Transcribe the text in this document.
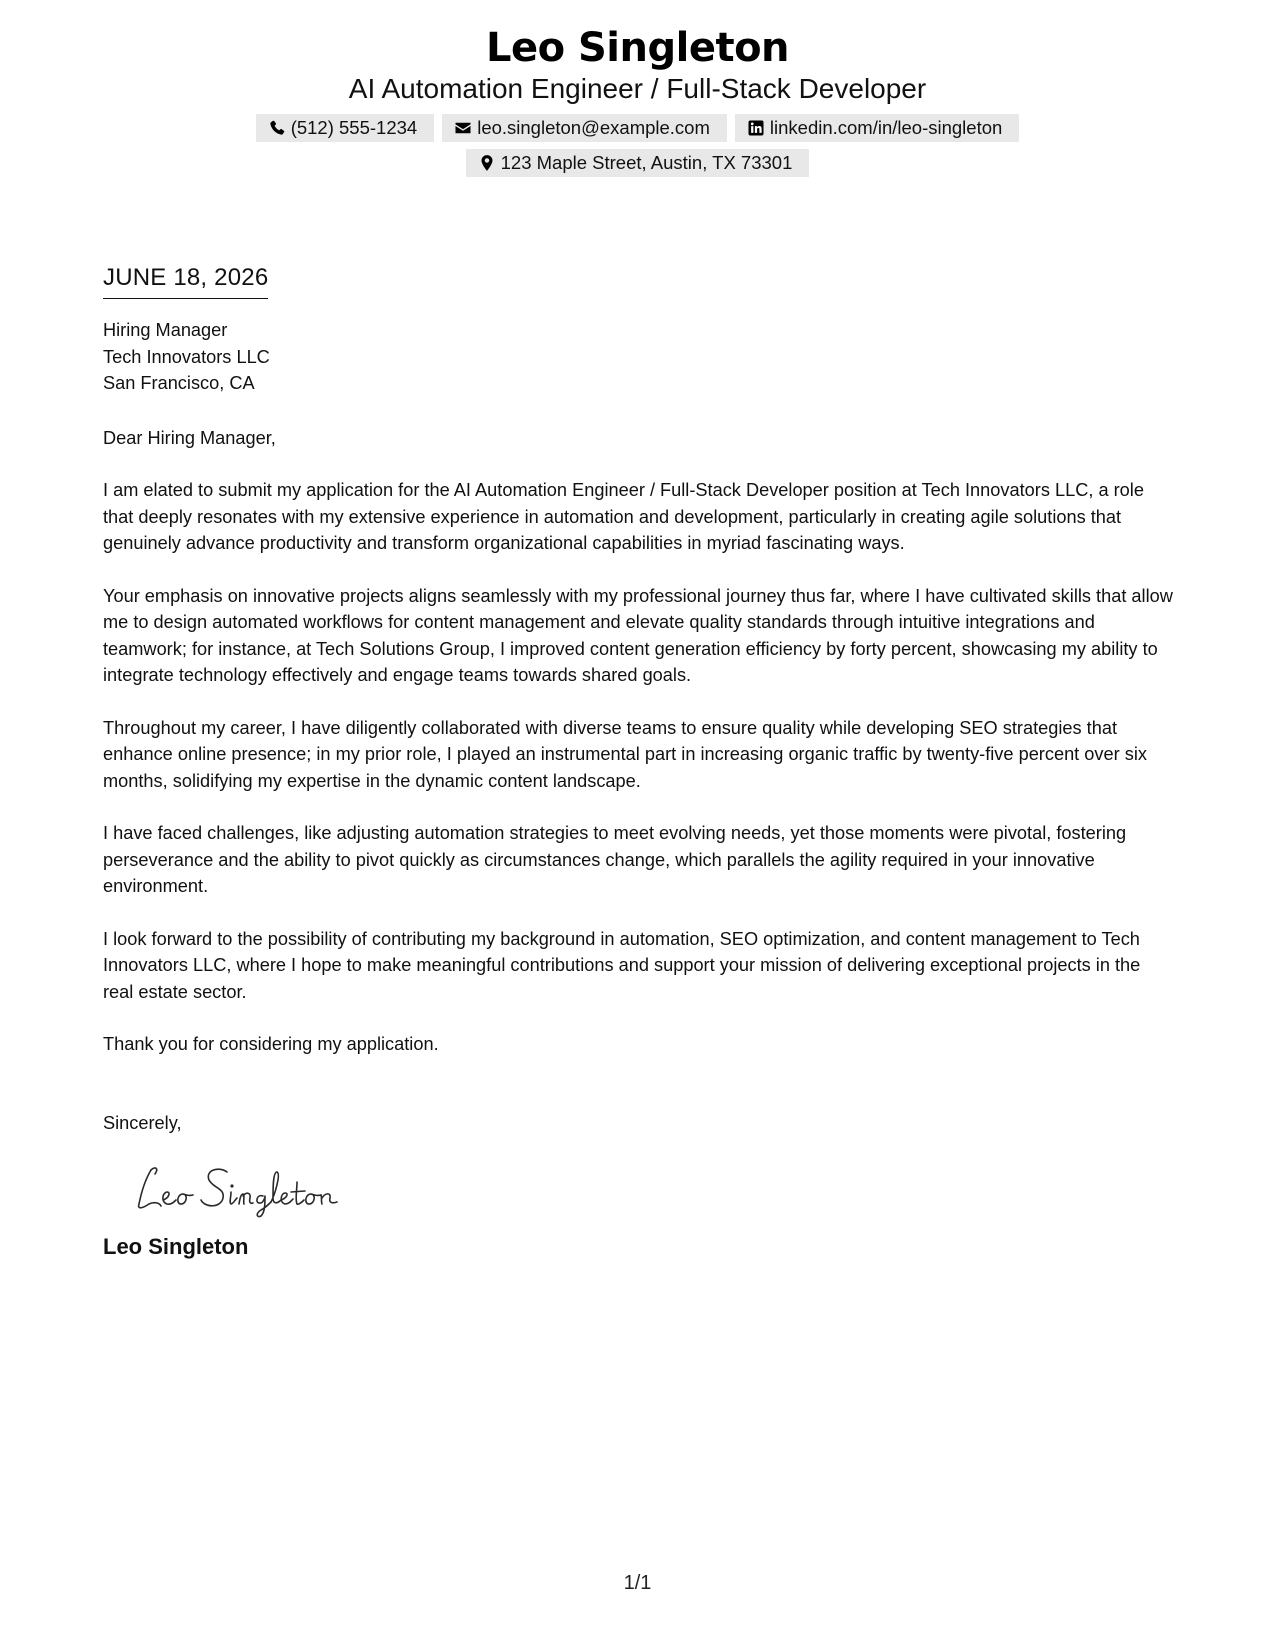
Leo Singleton
AI Automation Engineer / Full-Stack Developer
(512) 555-1234	leo.singleton@example.com	linkedin.com/in/leo-singleton
123 Maple Street, Austin, TX 73301
JUNE 18, 2026
Hiring Manager
Tech Innovators LLC
San Francisco, CA
Dear Hiring Manager,

I am elated to submit my application for the AI Automation Engineer / Full-Stack Developer position at Tech Innovators LLC, a role that deeply resonates with my extensive experience in automation and development, particularly in creating agile solutions that genuinely advance productivity and transform organizational capabilities in myriad fascinating ways.

Your emphasis on innovative projects aligns seamlessly with my professional journey thus far, where I have cultivated skills that allow me to design automated workflows for content management and elevate quality standards through intuitive integrations and teamwork; for instance, at Tech Solutions Group, I improved content generation efficiency by forty percent, showcasing my ability to integrate technology effectively and engage teams towards shared goals.

Throughout my career, I have diligently collaborated with diverse teams to ensure quality while developing SEO strategies that enhance online presence; in my prior role, I played an instrumental part in increasing organic traffic by twenty-five percent over six months, solidifying my expertise in the dynamic content landscape.

I have faced challenges, like adjusting automation strategies to meet evolving needs, yet those moments were pivotal, fostering perseverance and the ability to pivot quickly as circumstances change, which parallels the agility required in your innovative environment.

I look forward to the possibility of contributing my background in automation, SEO optimization, and content management to Tech Innovators LLC, where I hope to make meaningful contributions and support your mission of delivering exceptional projects in the real estate sector.

Thank you for considering my application.

Sincerely,
Leo Singleton
1/1
